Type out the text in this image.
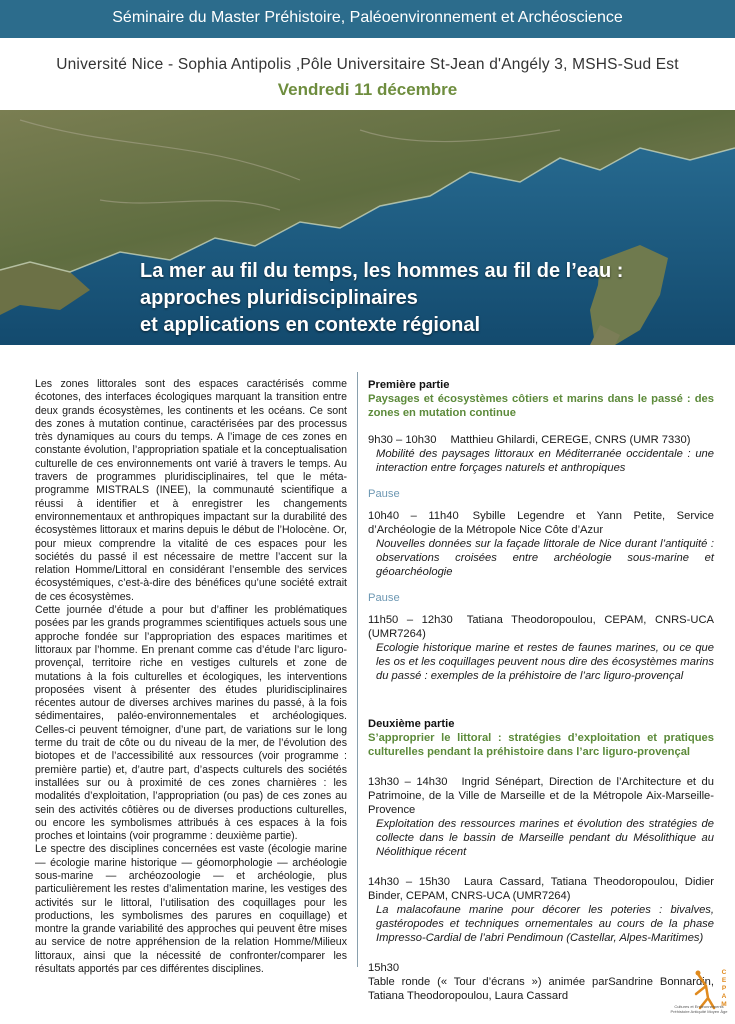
Séminaire du Master Préhistoire, Paléoenvironnement et Archéoscience
Université Nice - Sophia Antipolis ,Pôle Universitaire St-Jean d'Angély 3, MSHS-Sud Est
Vendredi 11 décembre
La mer au fil du temps, les hommes au fil de l’eau :
approches pluridisciplinaires
et applications en contexte régional

Les zones littorales sont des espaces caractérisés comme écotones, des interfaces écologiques marquant la transition entre deux grands écosystèmes, les continents et les océans. Ce sont des zones à mutation continue, caractérisées par des processus très dynamiques au cours du temps. A l’image de ces zones en constante évolution, l’appropriation spatiale et la conceptualisation culturelle de ces environnements ont varié à travers le temps. Au travers de programmes pluridisciplinaires, tel que le méta-programme MISTRALS (INEE), la communauté scientifique a réussi à identifier et à enregistrer les changements environnementaux et anthropiques impactant sur la durabilité des écosystèmes littoraux et marins depuis le début de l’Holocène. Or, pour mieux comprendre la vitalité de ces espaces pour les sociétés du passé il est nécessaire de mettre l’accent sur la relation Homme/Littoral en considérant l’ensemble des services écosystémiques, c’est-à-dire des bénéfices qu’une société extrait de ces écosystèmes.

Cette journée d’étude a pour but d’affiner les problématiques posées par les grands programmes scientifiques actuels sous une approche fondée sur l’appropriation des espaces maritimes et littoraux par l’homme. En prenant comme cas d’étude l’arc liguro-provençal, territoire riche en vestiges culturels et zone de mutations à la fois culturelles et écologiques, les interventions proposées visent à présenter des études pluridisciplinaires récentes autour de diverses archives marines du passé, à la fois sédimentaires, paléo-environnementales et archéologiques. Celles-ci peuvent témoigner, d’une part, de variations sur le long terme du trait de côte ou du niveau de la mer, de l’évolution des biotopes et de l’accessibilité aux ressources (voir programme : première partie) et, d’autre part, d’aspects culturels des sociétés installées sur ou à proximité de ces zones charnières : les modalités d’exploitation, l’appropriation (ou pas) de ces zones au sein des activités côtières ou de diverses productions culturelles, ou encore les symbolismes attribués à ces espaces à la fois proches et lointains (voir programme : deuxième partie).

Le spectre des disciplines concernées est vaste (écologie marine — écologie marine historique — géomorphologie — archéologie sous-marine — archéozoologie — et archéologie, plus particulièrement les restes d’alimentation marine, les vestiges des activités sur le littoral, l’utilisation des coquillages pour les productions, les symbolismes des parures en coquillage) et montre la grande variabilité des approches qui peuvent être mises au service de notre appréhension de la relation Homme/Milieux littoraux, ainsi que la nécessité de confronter/comparer les résultats apportés par ces différentes disciplines.

Première partie
Paysages et écosystèmes côtiers et marins dans le passé : des zones en mutation continue
9h30 – 10h30 Matthieu Ghilardi, CEREGE, CNRS (UMR 7330)
Mobilité des paysages littoraux en Méditerranée occidentale : une interaction entre forçages naturels et anthropiques
Pause
10h40 – 11h40 Sybille Legendre et Yann Petite, Service d’Archéologie de la Métropole Nice Côte d’Azur
Nouvelles données sur la façade littorale de Nice durant l’antiquité : observations croisées entre archéologie sous-marine et géoarchéologie
Pause
11h50 – 12h30 Tatiana Theodoropoulou, CEPAM, CNRS-UCA (UMR7264)
Ecologie historique marine et restes de faunes marines, ou ce que les os et les coquillages peuvent nous dire des écosystèmes marins du passé : exemples de la préhistoire de l’arc liguro-provençal
Deuxième partie
S’approprier le littoral : stratégies d’exploitation et pratiques culturelles pendant la préhistoire dans l’arc liguro-provençal
13h30 – 14h30 Ingrid Sénépart, Direction de l’Architecture et du Patrimoine, de la Ville de Marseille et de la Métropole Aix-Marseille-Provence
Exploitation des ressources marines et évolution des stratégies de collecte dans le bassin de Marseille pendant du Mésolithique au Néolithique récent
14h30 – 15h30 Laura Cassard, Tatiana Theodoropoulou, Didier Binder, CEPAM, CNRS-UCA (UMR7264)
La malacofaune marine pour décorer les poteries : bivalves, gastéropodes et techniques ornementales au cours de la phase Impresso-Cardial de l’abri Pendimoun (Castellar, Alpes-Maritimes)
15h30
Table ronde (« Tour d’écrans ») animée parSandrine Bonnardin, Tatiana Theodoropoulou, Laura Cassard
C
E
P
A
M
Cultures et Environnements Préhistoire Antiquité Moyen Âge
